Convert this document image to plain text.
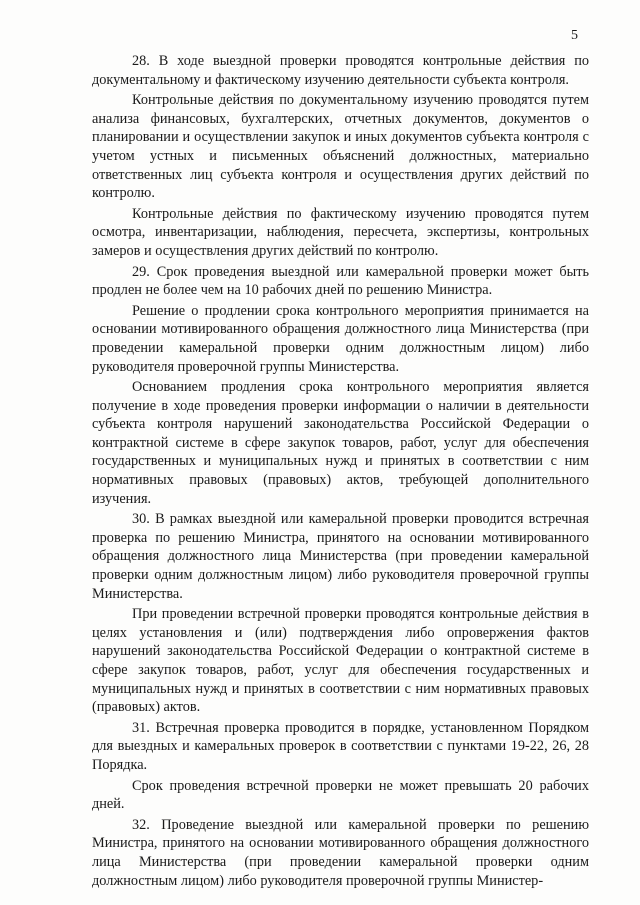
5

28. В ходе выездной проверки проводятся контрольные действия по документальному и фактическому изучению деятельности субъекта контроля.

Контрольные действия по документальному изучению проводятся путем анализа финансовых, бухгалтерских, отчетных документов, документов о планировании и осуществлении закупок и иных документов субъекта контроля с учетом устных и письменных объяснений должностных, материально ответственных лиц субъекта контроля и осуществления других действий по контролю.

Контрольные действия по фактическому изучению проводятся путем осмотра, инвентаризации, наблюдения, пересчета, экспертизы, контрольных замеров и осуществления других действий по контролю.

29. Срок проведения выездной или камеральной проверки может быть продлен не более чем на 10 рабочих дней по решению Министра.

Решение о продлении срока контрольного мероприятия принимается на основании мотивированного обращения должностного лица Министерства (при проведении камеральной проверки одним должностным лицом) либо руководителя проверочной группы Министерства.

Основанием продления срока контрольного мероприятия является получение в ходе проведения проверки информации о наличии в деятельности субъекта контроля нарушений законодательства Российской Федерации о контрактной системе в сфере закупок товаров, работ, услуг для обеспечения государственных и муниципальных нужд и принятых в соответствии с ним нормативных правовых (правовых) актов, требующей дополнительного изучения.

30. В рамках выездной или камеральной проверки проводится встречная проверка по решению Министра, принятого на основании мотивированного обращения должностного лица Министерства (при проведении камеральной проверки одним должностным лицом) либо руководителя проверочной группы Министерства.

При проведении встречной проверки проводятся контрольные действия в целях установления и (или) подтверждения либо опровержения фактов нарушений законодательства Российской Федерации о контрактной системе в сфере закупок товаров, работ, услуг для обеспечения государственных и муниципальных нужд и принятых в соответствии с ним нормативных правовых (правовых) актов.

31. Встречная проверка проводится в порядке, установленном Порядком для выездных и камеральных проверок в соответствии с пунктами 19-22, 26, 28 Порядка.

Срок проведения встречной проверки не может превышать 20 рабочих дней.

32. Проведение выездной или камеральной проверки по решению Министра, принятого на основании мотивированного обращения должностного лица Министерства (при проведении камеральной проверки одним должностным лицом) либо руководителя проверочной группы Министер-
